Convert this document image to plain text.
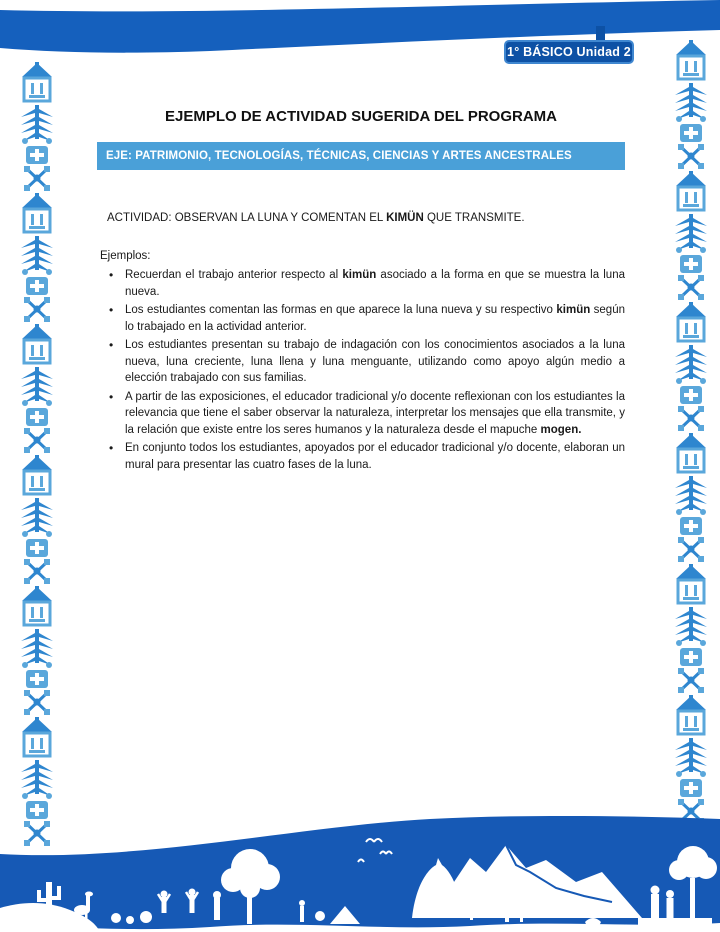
1° BÁSICO Unidad 2
EJEMPLO DE ACTIVIDAD SUGERIDA DEL PROGRAMA
EJE: PATRIMONIO, TECNOLOGÍAS, TÉCNICAS, CIENCIAS Y ARTES ANCESTRALES

ACTIVIDAD: OBSERVAN LA LUNA Y COMENTAN EL KIMÜN QUE TRANSMITE.

Ejemplos:

• Recuerdan el trabajo anterior respecto al kimün asociado a la forma en que se muestra la luna nueva.
• Los estudiantes comentan las formas en que aparece la luna nueva y su respectivo kimün según lo trabajado en la actividad anterior.
• Los estudiantes presentan su trabajo de indagación con los conocimientos asociados a la luna nueva, luna creciente, luna llena y luna menguante, utilizando como apoyo algún medio a elección trabajado con sus familias.
• A partir de las exposiciones, el educador tradicional y/o docente reflexionan con los estudiantes la relevancia que tiene el saber observar la naturaleza, interpretar los mensajes que ella transmite, y la relación que existe entre los seres humanos y la naturaleza desde el mapuche mogen.
• En conjunto todos los estudiantes, apoyados por el educador tradicional y/o docente, elaboran un mural para presentar las cuatro fases de la luna.
